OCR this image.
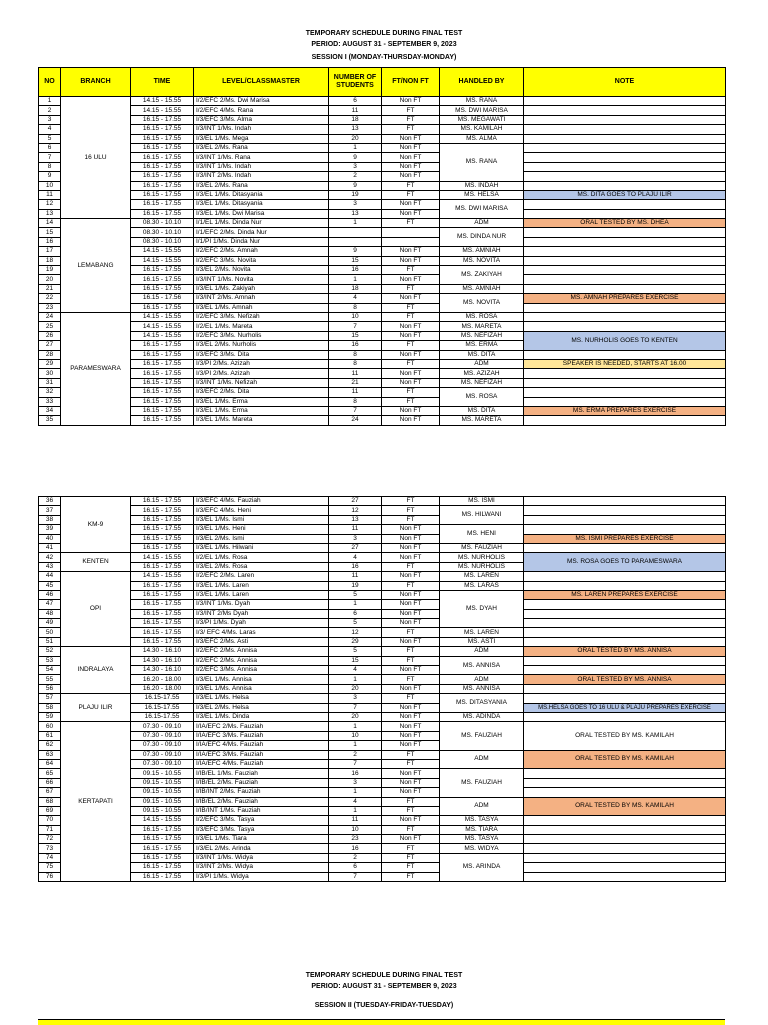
TEMPORARY SCHEDULE DURING FINAL TEST
PERIOD: AUGUST 31 - SEPTEMBER 9, 2023
SESSION I (MONDAY-THURSDAY-MONDAY)
NO	BRANCH	TIME	LEVEL/CLASSMASTER	NUMBER OF STUDENTS	FT/NON FT	HANDLED BY	NOTE
1	16 ULU	14.15 - 15.55	I/2/EFC 2/Ms. Dwi Marisa	6	Non FT	MS. RANA	
2		14.15 - 15.55	I/2/EFC 4/Ms. Rana	11	FT	MS. DWI MARISA	
3		16.15 - 17.55	I/3/EFC 3/Ms. Alma	18	FT	MS. MEGAWATI	
4		16.15 - 17.55	I/3/INT 1/Ms. Indah	13	FT	MS. KAMILAH	
5		16.15 - 17.55	I/3/EL 1/Ms. Mega	20	Non FT	MS. ALMA	
6		16.15 - 17.55	I/3/EL 2/Ms. Rana	1	Non FT	MS. RANA	
7		16.15 - 17.55	I/3/INT 1/Ms. Rana	9	Non FT		
8		16.15 - 17.55	I/3/INT 1/Ms. Indah	3	Non FT		
9		16.15 - 17.55	I/3/INT 2/Ms. Indah	2	Non FT		
10		16.15 - 17.55	I/3/EL 2/Ms. Rana	9	FT	MS. INDAH	
11		16.15 - 17.55	I/3/EL 1/Ms. Ditasyania	19	FT	MS. HELSA	MS. DITA GOES TO PLAJU ILIR
12		16.15 - 17.55	I/3/EL 1/Ms. Ditasyania	3	Non FT	MS. DWI MARISA	
13		16.15 - 17.55	I/3/EL 1/Ms. Dwi Marisa	13	Non FT		
14	LEMABANG	08.30 - 10.10	I/1/EL 1/Ms. Dinda Nur	1	FT	ADM	ORAL TESTED BY MS. DHEA
15		08.30 - 10.10	I/1/EFC 2/Ms. Dinda Nur			MS. DINDA NUR	
16		08.30 - 10.10	I/1/PI 1/Ms. Dinda Nur				
17		14.15 - 15.55	I/2/EFC 2/Ms. Amnah	9	Non FT	MS. AMNIAH	
18		14.15 - 15.55	I/2/EFC 3/Ms. Novita	15	Non FT	MS. NOVITA	
19		16.15 - 17.55	I/3/EL 2/Ms. Novita	16	FT	MS. ZAKIYAH	
20		16.15 - 17.55	I/3/INT 1/Ms. Novita	1	Non FT		
21		16.15 - 17.55	I/3/EL 1/Ms. Zakiyah	18	FT	MS. AMNIAH	
22		16.15 - 17.56	I/3/INT 2/Ms. Amnah	4	Non FT	MS. NOVITA	MS. AMNAH PREPARES EXERCISE
23		16.15 - 17.55	I/3/EL 1/Ms. Amnah	8	FT		
24	PARAMESWARA	14.15 - 15.55	I/2/EFC 3/Ms. Nefizah	10	FT	MS. ROSA	
25		14.15 - 15.55	I/2/EL 1/Ms. Mareta	7	Non FT	MS. MARETA	
26		14.15 - 15.55	I/2/EFC 3/Ms. Nurholis	15	Non FT	MS. NEFIZAH	MS. NURHOLIS GOES TO KENTEN
27		16.15 - 17.55	I/3/EL 2/Ms. Nurholis	16	FT	MS. ERMA	
28		16.15 - 17.55	I/3/EFC 3/Ms. Dita	8	Non FT	MS. DITA	
29		16.15 - 17.55	I/3/PI 2/Ms. Azizah	8	FT	ADM	SPEAKER IS NEEDED, STARTS AT 16.00
30		16.15 - 17.55	I/3/PI 2/Ms. Azizah	11	Non FT	MS. AZIZAH	
31		16.15 - 17.55	I/3/INT 1/Ms. Nefizah	21	Non FT	MS. NEFIZAH	
32		16.15 - 17.55	I/3/EFC 2/Ms. Dita	11	FT	MS. ROSA	
33		16.15 - 17.55	I/3/EL 1/Ms. Erma	8	FT		
34		16.15 - 17.55	I/3/EL 1/Ms. Erma	7	Non FT	MS. DITA	MS. ERMA PREPARES EXERCISE
35		16.15 - 17.55	I/3/EL 1/Ms. Mareta	24	Non FT	MS. MARETA	
36	KM-9	16.15 - 17.55	I/3/EFC 4/Ms. Fauziah	27	FT	MS. ISMI	
37		16.15 - 17.55	I/3/EFC 4/Ms. Heni	12	FT	MS. HILWANI	
38		16.15 - 17.55	I/3/EL 1/Ms. Ismi	13	FT		
39		16.15 - 17.55	I/3/EL 1/Ms. Heni	11	Non FT	MS. HENI	
40		16.15 - 17.55	I/3/EL 2/Ms. Ismi	3	Non FT		MS. ISMI PREPARES EXERCISE
41		16.15 - 17.55	I/3/EL 1/Ms. Hilwani	27	Non FT	MS. FAUZIAH	
42	KENTEN	14.15 - 15.55	I/2/EL 1/Ms. Rosa	4	Non FT	MS. NURHOLIS	MS. ROSA GOES TO PARAMESWARA
43		16.15 - 17.55	I/3/EL 2/Ms. Rosa	16	FT	MS. NURHOLIS	
44	OPI	14.15 - 15.55	I/2/EFC 2/Ms. Laren	11	Non FT	MS. LAREN	
45		16.15 - 17.55	I/3/EL 1/Ms. Laren	19	FT	MS. LARAS	
46		16.15 - 17.55	I/3/EL 1/Ms. Laren	5	Non FT	MS. DYAH	MS. LAREN PREPARES EXERCISE
47		16.15 - 17.55	I/3/INT 1/Ms. Dyah	1	Non FT		
48		16.15 - 17.55	I/3/INT 2/Ms Dyah	6	Non FT		
49		16.15 - 17.55	I/3/PI 1/Ms. Dyah	5	Non FT		
50		16.15 - 17.55	I/3/ EFC 4/Ms. Laras	12	FT	MS. LAREN	
51		16.15 - 17.55	I/3/EFC 2/Ms. Asti	29	Non FT	MS. ASTI	
52	INDRALAYA	14.30 - 16.10	I/2/EFC 2/Ms. Annisa	5	FT	ADM	ORAL TESTED BY MS. ANNISA
53		14.30 - 16.10	I/2/EFC 2/Ms. Annisa	15	FT	MS. ANNISA	
54		14.30 - 16.10	I/2/EFC 3/Ms. Annisa	4	Non FT		
55		16.20 - 18.00	I/3/EL 1/Ms. Annisa	1	FT	ADM	ORAL TESTED BY MS. ANNISA
56		16.20 - 18.00	I/3/EL 1/Ms. Annisa	20	Non FT	MS. ANNISA	
57	PLAJU ILIR	16.15-17.55	I/3/EL 1/Ms. Helsa	3	FT	MS. DITASYANIA	
58		16.15-17.55	I/3/EL 2/Ms. Helsa	7	Non FT		MS.HELSA GOES TO 16 ULU & PLAJU PREPARES EXERCISE
59		16.15-17.55	I/3/EL 1/Ms. Dinda	20	Non FT	MS. ADINDA	
60	KERTAPATI	07.30 - 09.10	I/IA/EFC 2/Ms. Fauziah	1	Non FT	MS. FAUZIAH	ORAL TESTED BY MS. KAMILAH
61		07.30 - 09.10	I/IA/EFC 3/Ms. Fauziah	10	Non FT		
62		07.30 - 09.10	I/IA/EFC 4/Ms. Fauziah	1	Non FT		
63		07.30 - 09.10	I/IA/EFC 3/Ms. Fauziah	2	FT	ADM	ORAL TESTED BY MS. KAMILAH
64		07.30 - 09.10	I/IA/EFC 4/Ms. Fauziah	7	FT		
65		09.15 - 10.55	I/IB/EL 1/Ms. Fauziah	16	Non FT	MS. FAUZIAH	
66		09.15 - 10.55	I/IB/EL 2/Ms. Fauziah	3	Non FT		
67		09.15 - 10.55	I/IB/INT 2/Ms. Fauziah	1	Non FT		
68		09.15 - 10.55	I/IB/EL 2/Ms. Fauziah	4	FT	ADM	ORAL TESTED BY MS. KAMILAH
69		09.15 - 10.55	I/IB/INT 1/Ms. Fauziah	1	FT		
70		14.15 - 15.55	I/2/EFC 3/Ms. Tasya	11	Non FT	MS. TASYA	
71		16.15 - 17.55	I/3/EFC 3/Ms. Tasya	10	FT	MS. TIARA	
72		16.15 - 17.55	I/3/EL 1/Ms. Tiara	23	Non FT	MS. TASYA	
73		16.15 - 17.55	I/3/EL 2/Ms. Arinda	16	FT	MS. WIDYA	
74		16.15 - 17.55	I/3/INT 1/Ms. Widya	2	FT	MS. ARINDA	
75		16.15 - 17.55	I/3/INT 2/Ms. Widya	6	FT		
76		16.15 - 17.55	I/3/PI 1/Ms. Widya	7	FT		
TEMPORARY SCHEDULE DURING FINAL TEST
PERIOD: AUGUST 31 - SEPTEMBER 9, 2023
SESSION II (TUESDAY-FRIDAY-TUESDAY)
